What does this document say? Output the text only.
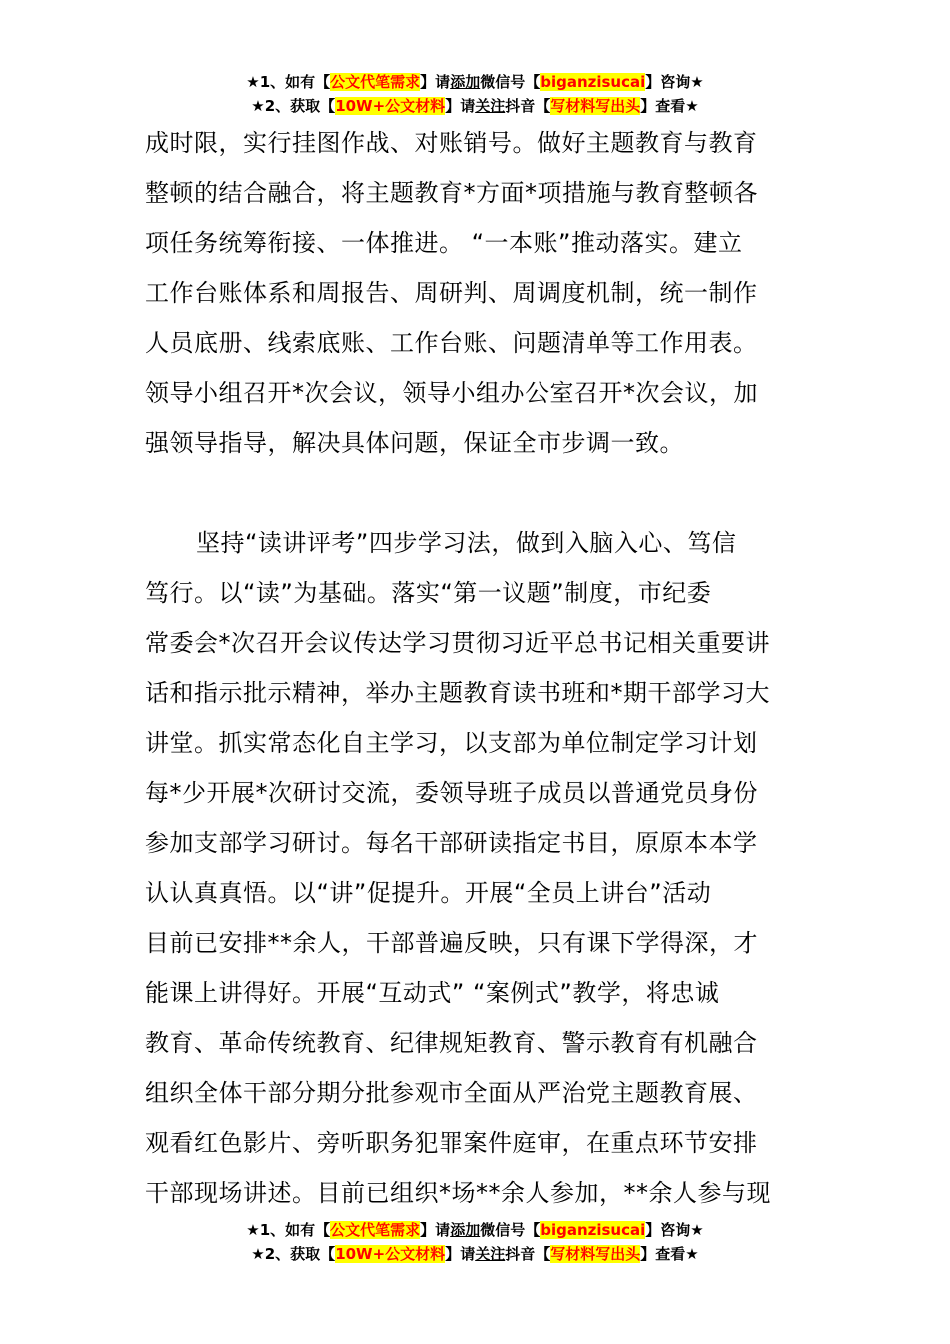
★1、如有【公文代笔需求】请添加微信号【biganzisucai】咨询★
★2、获取【10W+公文材料】请关注抖音【写材料写出头】查看★
成时限，实行挂图作战、对账销号。做好主题教育与教育
整顿的结合融合，将主题教育*方面*项措施与教育整顿各
项任务统筹衔接、一体推进。 “一本账”推动落实。建立
工作台账体系和周报告、周研判、周调度机制，统一制作
人员底册、线索底账、工作台账、问题清单等工作用表。
领导小组召开*次会议，领导小组办公室召开*次会议，加
强领导指导，解决具体问题，保证全市步调一致。
坚持“读讲评考”四步学习法，做到入脑入心、笃信
笃行。以“读”为基础。落实“第一议题”制度，市纪委
常委会*次召开会议传达学习贯彻习近平总书记相关重要讲
话和指示批示精神，举办主题教育读书班和*期干部学习大
讲堂。抓实常态化自主学习，以支部为单位制定学习计划
每*少开展*次研讨交流，委领导班子成员以普通党员身份
参加支部学习研讨。每名干部研读指定书目，原原本本学
认认真真悟。以“讲”促提升。开展“全员上讲台”活动
目前已安排**余人，干部普遍反映，只有课下学得深，才
能课上讲得好。开展“互动式” “案例式”教学，将忠诚
教育、革命传统教育、纪律规矩教育、警示教育有机融合
组织全体干部分期分批参观市全面从严治党主题教育展、
观看红色影片、旁听职务犯罪案件庭审，在重点环节安排
干部现场讲述。目前已组织*场**余人参加，**余人参与现
★1、如有【公文代笔需求】请添加微信号【biganzisucai】咨询★
★2、获取【10W+公文材料】请关注抖音【写材料写出头】查看★
